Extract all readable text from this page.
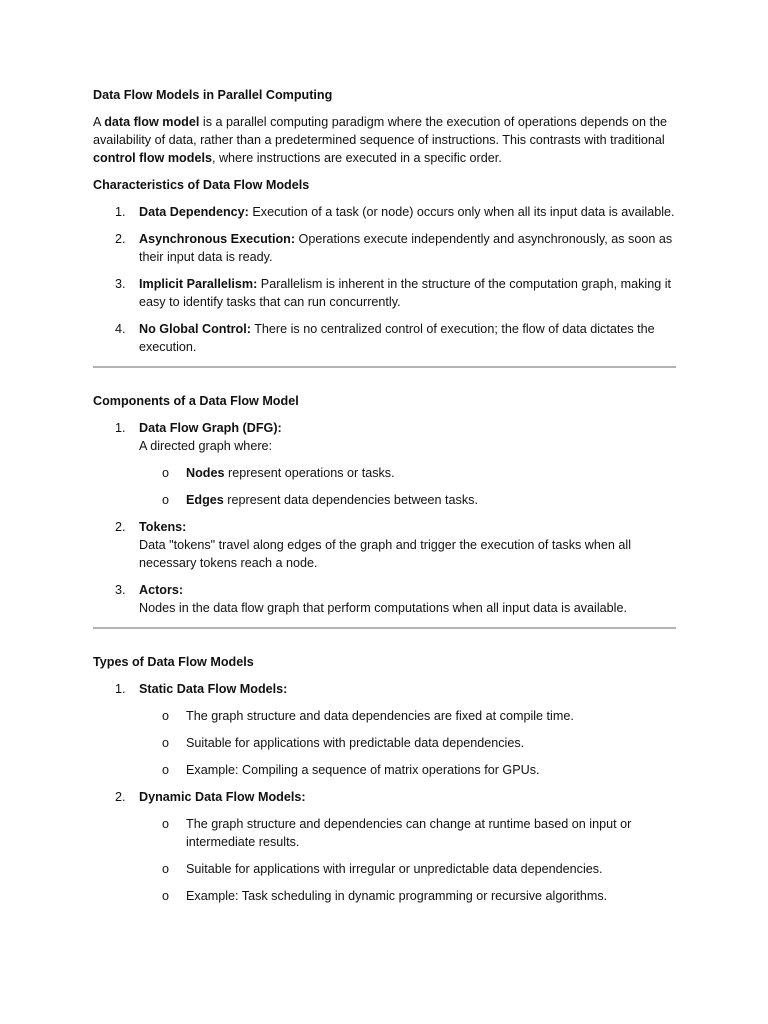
Data Flow Models in Parallel Computing

A data flow model is a parallel computing paradigm where the execution of operations depends on the availability of data, rather than a predetermined sequence of instructions. This contrasts with traditional control flow models, where instructions are executed in a specific order.

Characteristics of Data Flow Models

1. Data Dependency: Execution of a task (or node) occurs only when all its input data is available.
2. Asynchronous Execution: Operations execute independently and asynchronously, as soon as their input data is ready.
3. Implicit Parallelism: Parallelism is inherent in the structure of the computation graph, making it easy to identify tasks that can run concurrently.
4. No Global Control: There is no centralized control of execution; the flow of data dictates the execution.

Components of a Data Flow Model

1. Data Flow Graph (DFG):
A directed graph where:
o Nodes represent operations or tasks.
o Edges represent data dependencies between tasks.
2. Tokens:
Data "tokens" travel along edges of the graph and trigger the execution of tasks when all necessary tokens reach a node.
3. Actors:
Nodes in the data flow graph that perform computations when all input data is available.

Types of Data Flow Models

1. Static Data Flow Models:
o The graph structure and data dependencies are fixed at compile time.
o Suitable for applications with predictable data dependencies.
o Example: Compiling a sequence of matrix operations for GPUs.
2. Dynamic Data Flow Models:
o The graph structure and dependencies can change at runtime based on input or intermediate results.
o Suitable for applications with irregular or unpredictable data dependencies.
o Example: Task scheduling in dynamic programming or recursive algorithms.
